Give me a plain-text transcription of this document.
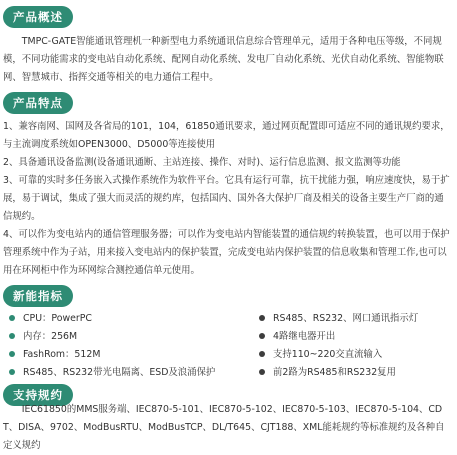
产品概述
TMPC-GATE智能通讯管理机一种新型电力系统通讯信息综合管理单元，适用于各种电压等级，不同规模，不同功能需求的变电站自动化系统、配网自动化系统、发电厂自动化系统、光伏自动化系统、智能物联网、智慧城市、指挥交通等相关的电力通信工程中。
产品特点
1、兼容南网、国网及各省局的101，104，61850通讯要求，通过网页配置即可适应不同的通讯规约要求，与主流调度系统如OPEN3000、D5000等连接使用
2、具备通讯设备监测(设备通讯通断、主站连接、操作、对时)、运行信息监测、报文监测等功能
3、可靠的实时多任务嵌入式操作系统作为软件平台。它具有运行可靠，抗干扰能力强，响应速度快，易于扩展，易于调试，集成了强大而灵活的规约库，包括国内、国外各大保护厂商及相关的设备主要生产厂商的通信规约。
4、可以作为变电站内的通信管理服务器；可以作为变电站内智能装置的通信规约转换装置，也可以用于保护管理系统中作为子站，用来接入变电站内的保护装置，完成变电站内保护装置的信息收集和管理工作,也可以用在环网柜中作为环网综合测控通信单元使用。
新能指标
CPU：PowerPC	RS485、RS232、网口通讯指示灯
内存：256M	4路继电器开出
FashRom：512M	支持110~220交直流输入
RS485、RS232带光电隔离、ESD及浪涌保护	前2路为RS485和RS232复用
支持规约
IEC61850的MMS服务端、IEC870-5-101、IEC870-5-102、IEC870-5-103、IEC870-5-104、CDT、DISA、9702、ModBusRTU、ModBusTCP、DL/T645、CJT188、XML能耗规约等标准规约及各种自定义规约
